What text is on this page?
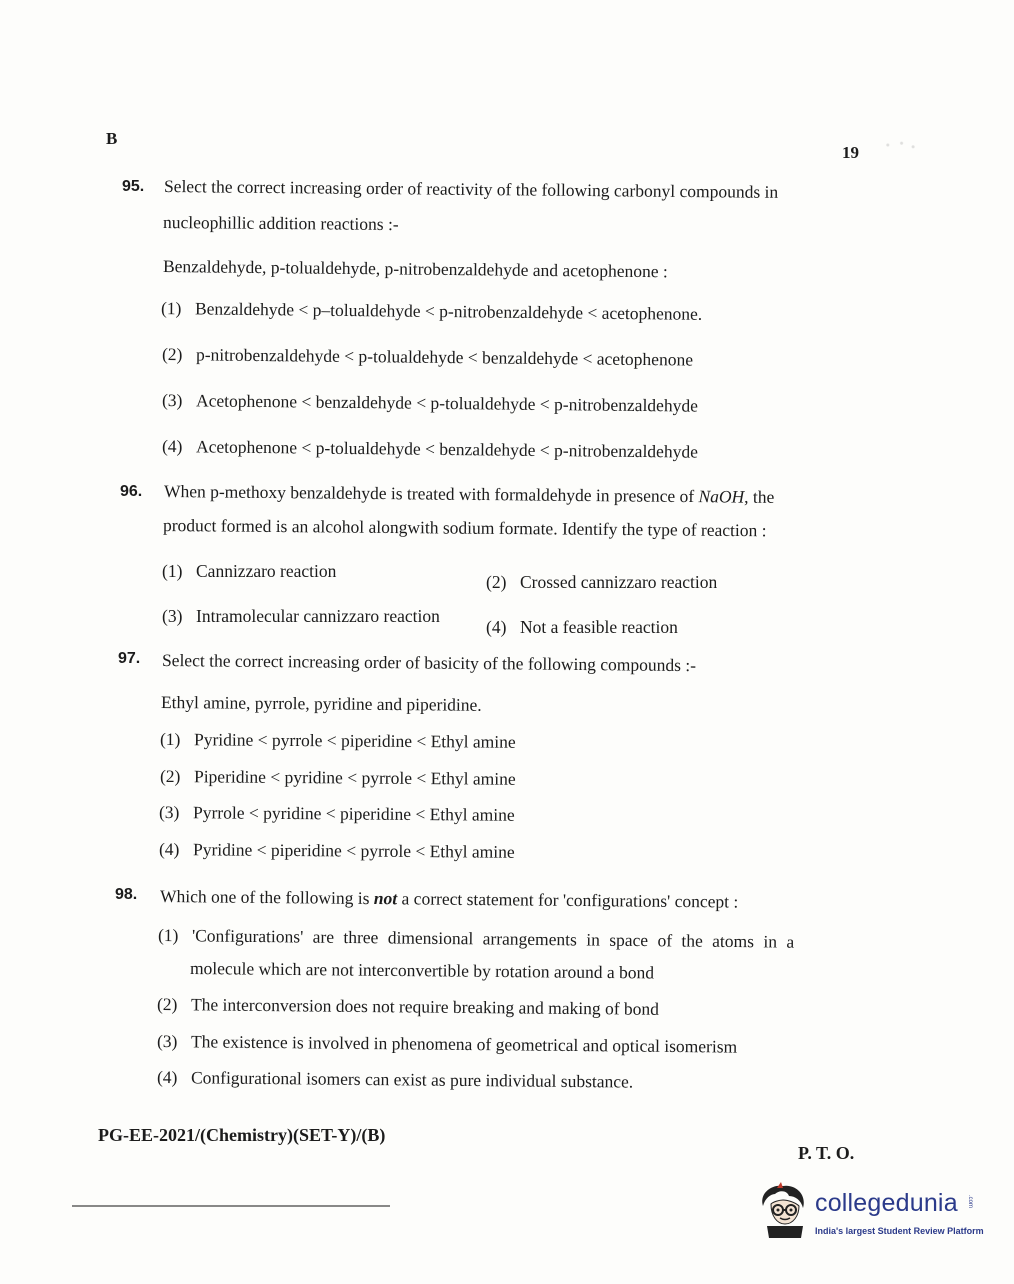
B
19
95. Select the correct increasing order of reactivity of the following carbonyl compounds in
nucleophillic addition reactions :-
Benzaldehyde, p-tolualdehyde, p-nitrobenzaldehyde and acetophenone :
(1) Benzaldehyde < p–tolualdehyde < p-nitrobenzaldehyde < acetophenone.
(2) p-nitrobenzaldehyde < p-tolualdehyde < benzaldehyde < acetophenone
(3) Acetophenone < benzaldehyde < p-tolualdehyde < p-nitrobenzaldehyde
(4) Acetophenone < p-tolualdehyde < benzaldehyde < p-nitrobenzaldehyde
96. When p-methoxy benzaldehyde is treated with formaldehyde in presence of NaOH, the
product formed is an alcohol alongwith sodium formate. Identify the type of reaction :
(1) Cannizzaro reaction
(2) Crossed cannizzaro reaction
(3) Intramolecular cannizzaro reaction
(4) Not a feasible reaction
97. Select the correct increasing order of basicity of the following compounds :-
Ethyl amine, pyrrole, pyridine and piperidine.
(1) Pyridine < pyrrole < piperidine < Ethyl amine
(2) Piperidine < pyridine < pyrrole < Ethyl amine
(3) Pyrrole < pyridine < piperidine < Ethyl amine
(4) Pyridine < piperidine < pyrrole < Ethyl amine
98. Which one of the following is not a correct statement for 'configurations' concept :
(1) 'Configurations' are three dimensional arrangements in space of the atoms in a
molecule which are not interconvertible by rotation around a bond
(2) The interconversion does not require breaking and making of bond
(3) The existence is involved in phenomena of geometrical and optical isomerism
(4) Configurational isomers can exist as pure individual substance.
PG-EE-2021/(Chemistry)(SET-Y)/(B)
P. T. O.
collegedunia .com
India's largest Student Review Platform
